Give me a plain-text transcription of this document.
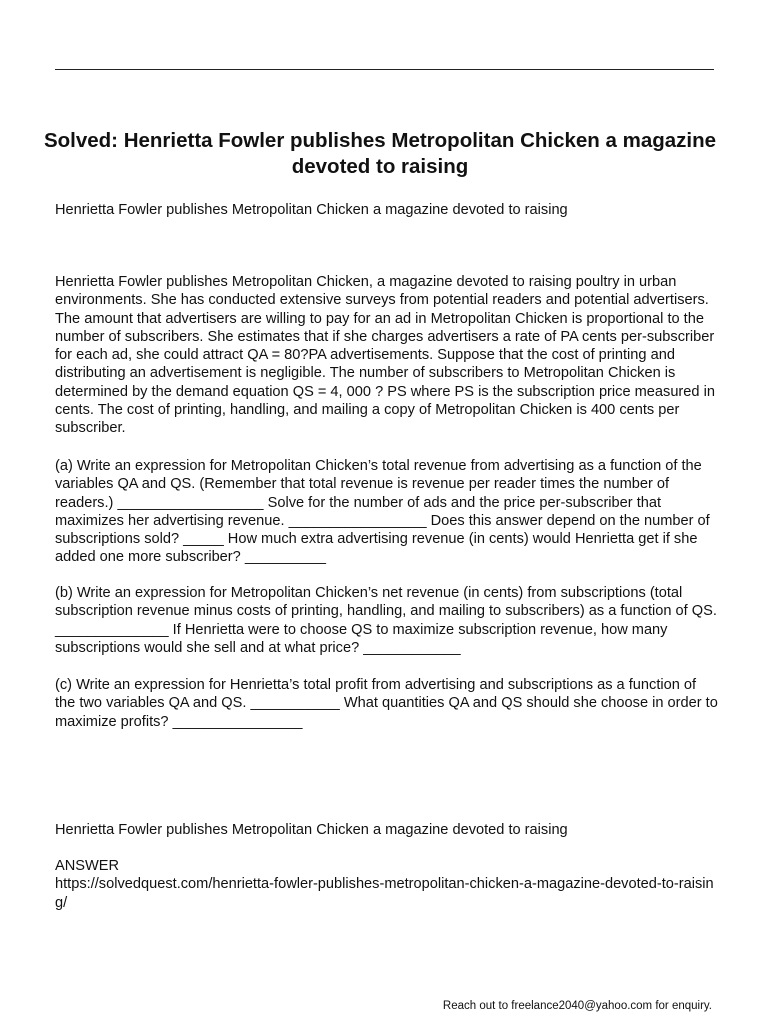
Solved: Henrietta Fowler publishes Metropolitan Chicken a magazine devoted to raising

Henrietta Fowler publishes Metropolitan Chicken a magazine devoted to raising

Henrietta Fowler publishes Metropolitan Chicken, a magazine devoted to raising poultry in urban environments. She has conducted extensive surveys from potential readers and potential advertisers. The amount that advertisers are willing to pay for an ad in Metropolitan Chicken is proportional to the number of subscribers. She estimates that if she charges advertisers a rate of PA cents per-subscriber for each ad, she could attract QA = 80?PA advertisements. Suppose that the cost of printing and distributing an advertisement is negligible. The number of subscribers to Metropolitan Chicken is determined by the demand equation QS = 4, 000 ? PS where PS is the subscription price measured in cents. The cost of printing, handling, and mailing a copy of Metropolitan Chicken is 400 cents per subscriber.

(a) Write an expression for Metropolitan Chicken’s total revenue from advertising as a function of the variables QA and QS. (Remember that total revenue is revenue per reader times the number of readers.) __________________ Solve for the number of ads and the price per-subscriber that maximizes her advertising revenue. _________________ Does this answer depend on the number of subscriptions sold? _____ How much extra advertising revenue (in cents) would Henrietta get if she added one more subscriber? __________

(b) Write an expression for Metropolitan Chicken’s net revenue (in cents) from subscriptions (total subscription revenue minus costs of printing, handling, and mailing to subscribers) as a function of QS. ______________ If Henrietta were to choose QS to maximize subscription revenue, how many subscriptions would she sell and at what price? ____________

(c) Write an expression for Henrietta’s total profit from advertising and subscriptions as a function of the two variables QA and QS. ___________ What quantities QA and QS should she choose in order to maximize profits? ________________

Henrietta Fowler publishes Metropolitan Chicken a magazine devoted to raising

ANSWER
https://solvedquest.com/henrietta-fowler-publishes-metropolitan-chicken-a-magazine-devoted-to-raising/

Reach out to freelance2040@yahoo.com for enquiry.
